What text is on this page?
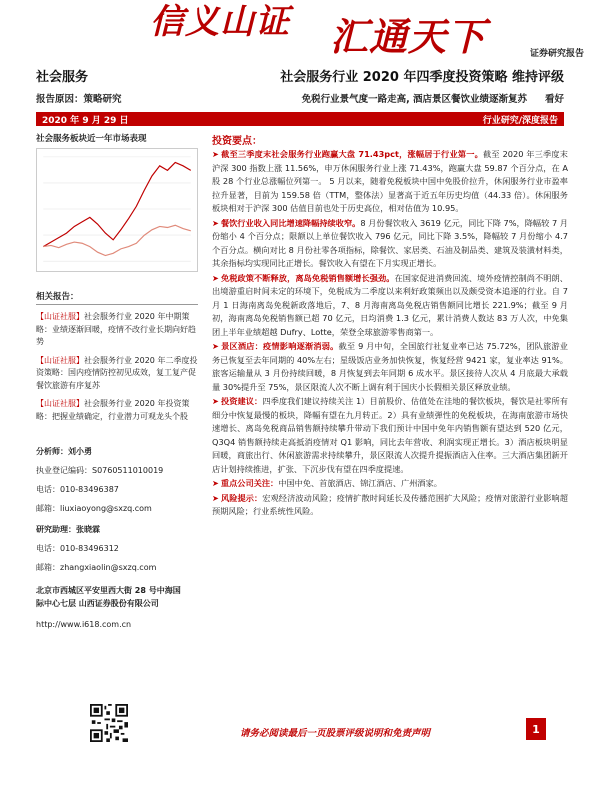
信义山证 汇通天下	证券研究报告
社会服务	社会服务行业 2020 年四季度投资策略 维持评级
报告原因：策略研究	免税行业景气度一路走高, 酒店景区餐饮业绩逐渐复苏 看好
2020 年 9 月 29 日	行业研究/深度报告
社会服务板块近一年市场表现
相关报告：
【山证社服】社会服务行业 2020 年中期策略：业绩逐渐回暖，疫情不改行业长期向好趋势
【山证社服】社会服务行业 2020 年二季度投资策略：国内疫情防控初见成效，复工复产促餐饮旅游有序复苏
【山证社服】社会服务行业 2020 年投资策略：把握业绩确定，行业潜力可观龙头个股
分析师：刘小勇
执业登记编码：S0760511010019
电话：010-83496387
邮箱：liuxiaoyong@sxzq.com
研究助理：张晓霖
电话：010-83496312
邮箱：zhangxiaolin@sxzq.com
北京市西城区平安里西大街 28 号中海国
际中心七层 山西证券股份有限公司
http://www.i618.com.cn
投资要点：

➤ 截至三季度末社会服务行业跑赢大盘 71.43pct，涨幅居于行业第一。截至 2020 年三季度末沪深 300 指数上涨 11.56%，申万休闲服务行业上涨 71.43%，跑赢大盘 59.87 个百分点，在 A 股 28 个行业总涨幅位列第一。 5 月以来，随着免税板块中国中免股价拉升，休闲服务行业市盈率拉升显著，目前为 159.58 倍（TTM，整体法）显著高于近五年历史均值（44.33 倍）。休闲服务板块相对于沪深 300 估值目前也处于历史高位，相对估值为 10.95。

➤ 餐饮行业收入同比增速降幅持续收窄。8 月份餐饮收入 3619 亿元，同比下降 7%，降幅较 7 月份缩小 4 个百分点；限额以上单位餐饮收入 796 亿元，同比下降 3.5%，降幅较 7 月份缩小 4.7 个百分点。横向对比 8 月份社零各项指标，除餐饮、家居类、石油及制品类、建筑及装潢材料类，其余指标均实现同比正增长。餐饮收入有望在下月实现正增长。

➤ 免税政策不断释放，离岛免税销售额增长强劲。在国家促进消费回流、境外疫情控制尚不明朗、出境游重启时间未定的环境下，免税成为二季度以来利好政策频出以及颇受资本追逐的行业。自 7 月 1 日海南离岛免税新政落地后，7、8 月海南离岛免税店销售额同比增长 221.9%；截至 9 月初，海南离岛免税销售额已超 70 亿元，日均消费 1.3 亿元，累计消费人数达 83 万人次，中免集团上半年业绩超越 Dufry、Lotte，荣登全球旅游零售商第一。

➤ 景区酒店：疫情影响逐渐消弱。截至 9 月中旬，全国旅行社复业率已达 75.72%，团队旅游业务已恢复至去年同期的 40%左右；星级饭店业务加快恢复，恢复经营 9421 家，复业率达 91%。旅客运输量从 3 月份持续回暖，8 月恢复到去年同期 6 成水平。景区接待人次从 4 月底最大承载量 30%提升至 75%，景区限流人次不断上调有利于国庆小长假相关景区释放业绩。

➤ 投资建议：四季度我们建议持续关注 1）目前股价、估值处在洼地的餐饮板块，餐饮是社零所有细分中恢复最慢的板块，降幅有望在九月转正。2）具有业绩弹性的免税板块，在海南旅游市场快速增长、离岛免税商品销售额持续攀升带动下我们预计中国中免年内销售额有望达到 520 亿元，Q3Q4 销售额持续走高抵消疫情对 Q1 影响，同比去年营收、利润实现正增长。3）酒店板块明显回暖，商旅出行、休闲旅游需求持续攀升，景区限流人次提升提振酒店入住率。三大酒店集团新开店计划持续推进，扩张、下沉步伐有望在四季度提速。

➤ 重点公司关注：中国中免、首旅酒店、锦江酒店、广州酒家。

➤ 风险提示：宏观经济波动风险；疫情扩散时间延长及传播范围扩大风险；疫情对旅游行业影响超预期风险；行业系统性风险。

请务必阅读最后一页股票评级说明和免责声明	1
